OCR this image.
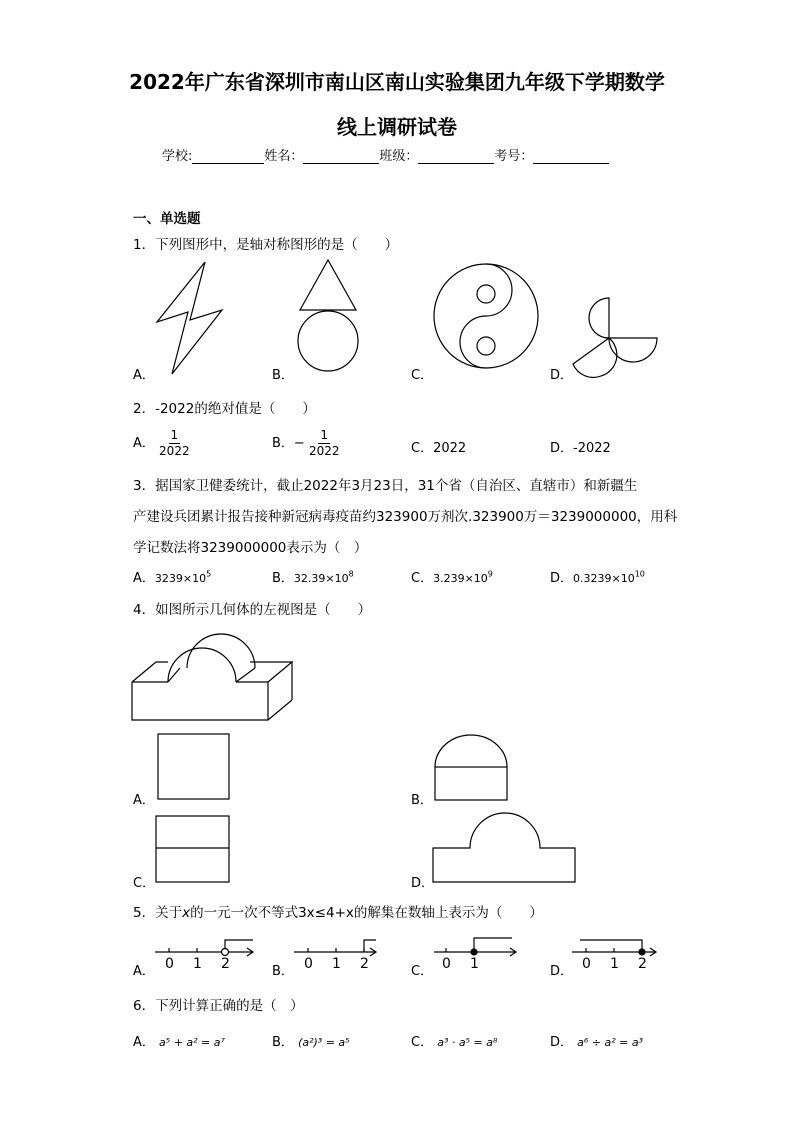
2022年广东省深圳市南山区南山实验集团九年级下学期数学
线上调研试卷
学校:	姓名：	班级：	考号：
一、单选题
1．下列图形中，是轴对称图形的是（　　）
A．	B．	C．	D．
2．-2022的绝对值是（　　）
A． $\frac{1}{2022}$	B．− $\frac{1}{2022}$	C．2022	D．-2022
3．据国家卫健委统计，截止2022年3月23日，31个省（自治区、直辖市）和新疆生
产建设兵团累计报告接种新冠病毒疫苗约323900万剂次.323900万＝3239000000，用科
学记数法将3239000000表示为（　）
A．$3239\times 10^5$	B．$32.39\times 10^8$	C．$3.239\times 10^9$	D．$0.3239\times 10^{10}$
4．如图所示几何体的左视图是（　　）
A．	B．
C．	D．
5．关于x的一元一次不等式3x≤4+x的解集在数轴上表示为（　　）
A．	B．	C．	D．
0 1 2	0 1 2	0 1	0 1 2
6．下列计算正确的是（　）
A． a⁵ + a² = a⁷	B． (a²)³ = a⁵	C． a³ · a⁵ = a⁸	D． a⁶ ÷ a² = a³
